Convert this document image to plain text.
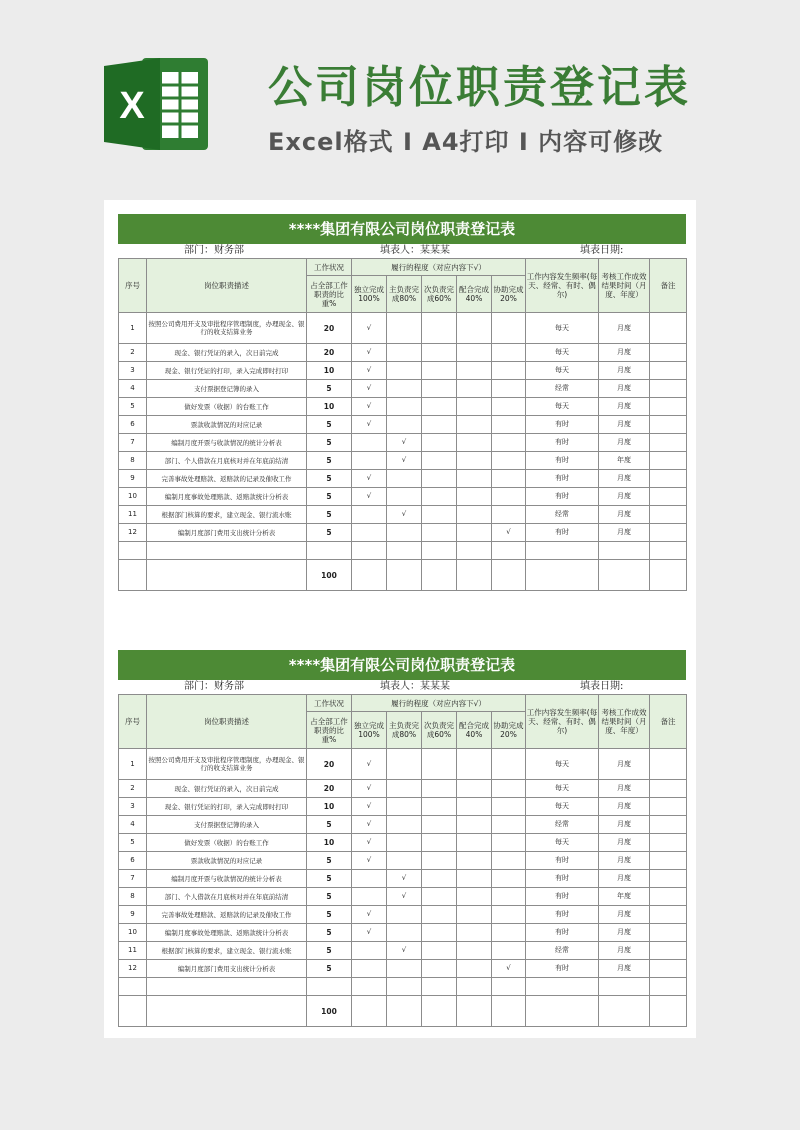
X	公司岗位职责登记表
Excel格式 I A4打印 I 内容可修改
****集团有限公司岗位职责登记表
部门：财务部	填表人：某某某	填表日期:
序号	岗位职责描述	工作状况	履行的程度（对应内容下√）					工作内容发生频率(每天、经常、有时、偶尔)	考核工作成效结果时间（月度、年度）	备注
		占全部工作职责的比重%	独立完成100%	主负责完成80%	次负责完成60%	配合完成40%	协助完成20%			
1	按照公司费用开支及审批程序管理制度，办理现金、银行的收支结算业务	20	√					每天	月度	
2	现金、银行凭证的录入，次日前完成	20	√					每天	月度	
3	现金、银行凭证的打印，录入完成即时打印	10	√					每天	月度	
4	支付票据登记簿的录入	5	√					经常	月度	
5	做好发票（收据）的台账工作	10	√					每天	月度	
6	票款收款情况的对应记录	5	√					有时	月度	
7	编制月度开票与收款情况的统计分析表	5		√				有时	月度	
8	部门、个人借款在月底核对并在年底前结清	5		√				有时	年度	
9	完善事故处理赔款、返赔款的记录及催收工作	5	√					有时	月度	
10	编制月度事故处理赔款、返赔款统计分析表	5	√					有时	月度	
11	根据部门核算的要求，建立现金、银行流水账	5		√				经常	月度	
12	编制月度部门费用支出统计分析表	5					√	有时	月度	

		100								
****集团有限公司岗位职责登记表
部门：财务部	填表人：某某某	填表日期:
序号	岗位职责描述	工作状况	履行的程度（对应内容下√）					工作内容发生频率(每天、经常、有时、偶尔)	考核工作成效结果时间（月度、年度）	备注
		占全部工作职责的比重%	独立完成100%	主负责完成80%	次负责完成60%	配合完成40%	协助完成20%			
1	按照公司费用开支及审批程序管理制度，办理现金、银行的收支结算业务	20	√					每天	月度	
2	现金、银行凭证的录入，次日前完成	20	√					每天	月度	
3	现金、银行凭证的打印，录入完成即时打印	10	√					每天	月度	
4	支付票据登记簿的录入	5	√					经常	月度	
5	做好发票（收据）的台账工作	10	√					每天	月度	
6	票款收款情况的对应记录	5	√					有时	月度	
7	编制月度开票与收款情况的统计分析表	5		√				有时	月度	
8	部门、个人借款在月底核对并在年底前结清	5		√				有时	年度	
9	完善事故处理赔款、返赔款的记录及催收工作	5	√					有时	月度	
10	编制月度事故处理赔款、返赔款统计分析表	5	√					有时	月度	
11	根据部门核算的要求，建立现金、银行流水账	5		√				经常	月度	
12	编制月度部门费用支出统计分析表	5					√	有时	月度	

		100								
